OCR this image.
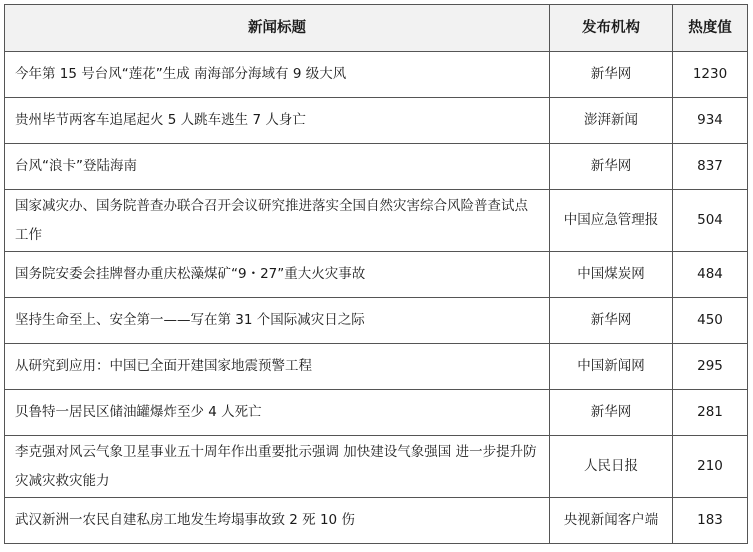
新闻标题	发布机构	热度值
今年第 15 号台风“莲花”生成 南海部分海域有 9 级大风	新华网	1230
贵州毕节两客车追尾起火 5 人跳车逃生 7 人身亡	澎湃新闻	934
台风“浪卡”登陆海南	新华网	837
国家减灾办、国务院普查办联合召开会议研究推进落实全国自然灾害综合风险普查试点工作	中国应急管理报	504
国务院安委会挂牌督办重庆松藻煤矿“9・27”重大火灾事故	中国煤炭网	484
坚持生命至上、安全第一——写在第 31 个国际减灾日之际	新华网	450
从研究到应用：中国已全面开建国家地震预警工程	中国新闻网	295
贝鲁特一居民区储油罐爆炸至少 4 人死亡	新华网	281
李克强对风云气象卫星事业五十周年作出重要批示强调 加快建设气象强国 进一步提升防灾减灾救灾能力	人民日报	210
武汉新洲一农民自建私房工地发生垮塌事故致 2 死 10 伤	央视新闻客户端	183
